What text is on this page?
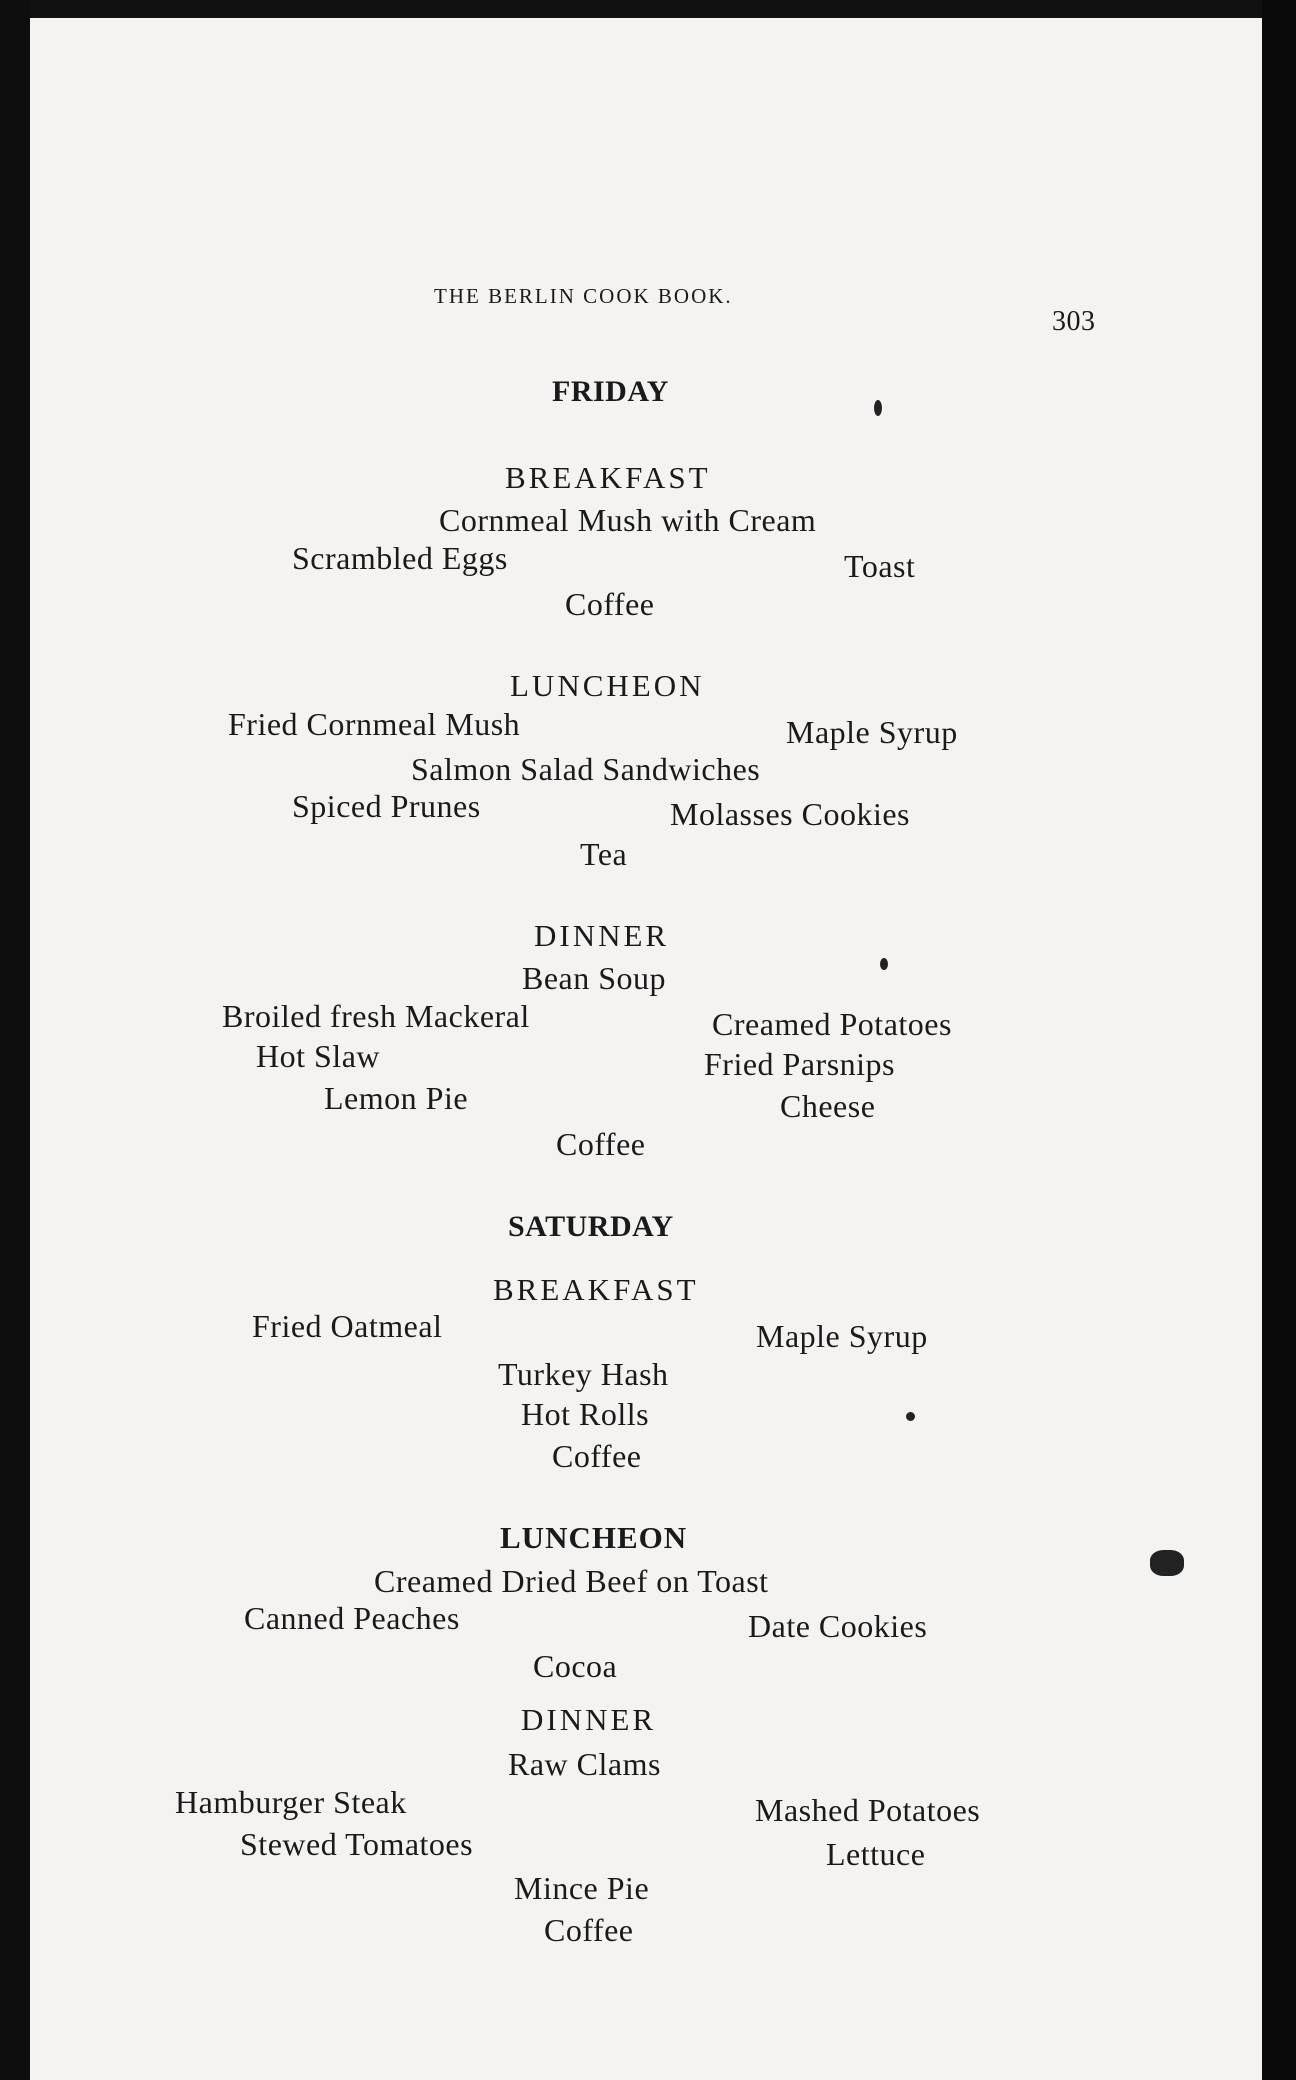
THE BERLIN COOK BOOK.
303
FRIDAY
BREAKFAST
Cornmeal Mush with Cream
Scrambled Eggs	Toast
Coffee
LUNCHEON
Fried Cornmeal Mush	Maple Syrup
Salmon Salad Sandwiches
Spiced Prunes	Molasses Cookies
Tea
DINNER
Bean Soup
Broiled fresh Mackeral	Creamed Potatoes
Hot Slaw	Fried Parsnips
Lemon Pie	Cheese
Coffee
SATURDAY
BREAKFAST
Fried Oatmeal	Maple Syrup
Turkey Hash
Hot Rolls
Coffee
LUNCHEON
Creamed Dried Beef on Toast
Canned Peaches	Date Cookies
Cocoa
DINNER
Raw Clams
Hamburger Steak	Mashed Potatoes
Stewed Tomatoes	Lettuce
Mince Pie
Coffee
